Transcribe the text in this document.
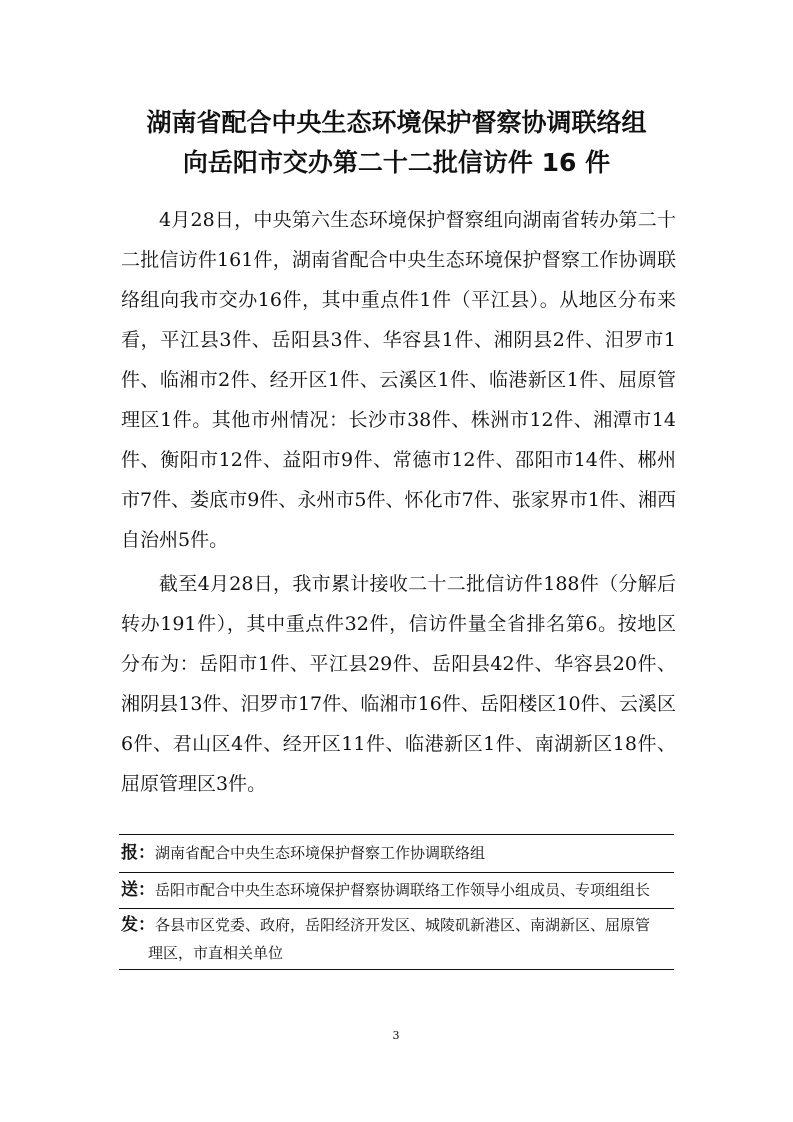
湖南省配合中央生态环境保护督察协调联络组
向岳阳市交办第二十二批信访件 16 件

4月28日，中央第六生态环境保护督察组向湖南省转办第二十二批信访件161件，湖南省配合中央生态环境保护督察工作协调联络组向我市交办16件，其中重点件1件（平江县）。从地区分布来看，平江县3件、岳阳县3件、华容县1件、湘阴县2件、汨罗市1件、临湘市2件、经开区1件、云溪区1件、临港新区1件、屈原管理区1件。其他市州情况：长沙市38件、株洲市12件、湘潭市14件、衡阳市12件、益阳市9件、常德市12件、邵阳市14件、郴州市7件、娄底市9件、永州市5件、怀化市7件、张家界市1件、湘西自治州5件。

截至4月28日，我市累计接收二十二批信访件188件（分解后转办191件），其中重点件32件，信访件量全省排名第6。按地区分布为：岳阳市1件、平江县29件、岳阳县42件、华容县20件、湘阴县13件、汨罗市17件、临湘市16件、岳阳楼区10件、云溪区6件、君山区4件、经开区11件、临港新区1件、南湖新区18件、屈原管理区3件。

报：湖南省配合中央生态环境保护督察工作协调联络组
送：岳阳市配合中央生态环境保护督察协调联络工作领导小组成员、专项组组长
发：各县市区党委、政府，岳阳经济开发区、城陵矶新港区、南湖新区、屈原管
理区，市直相关单位
3
